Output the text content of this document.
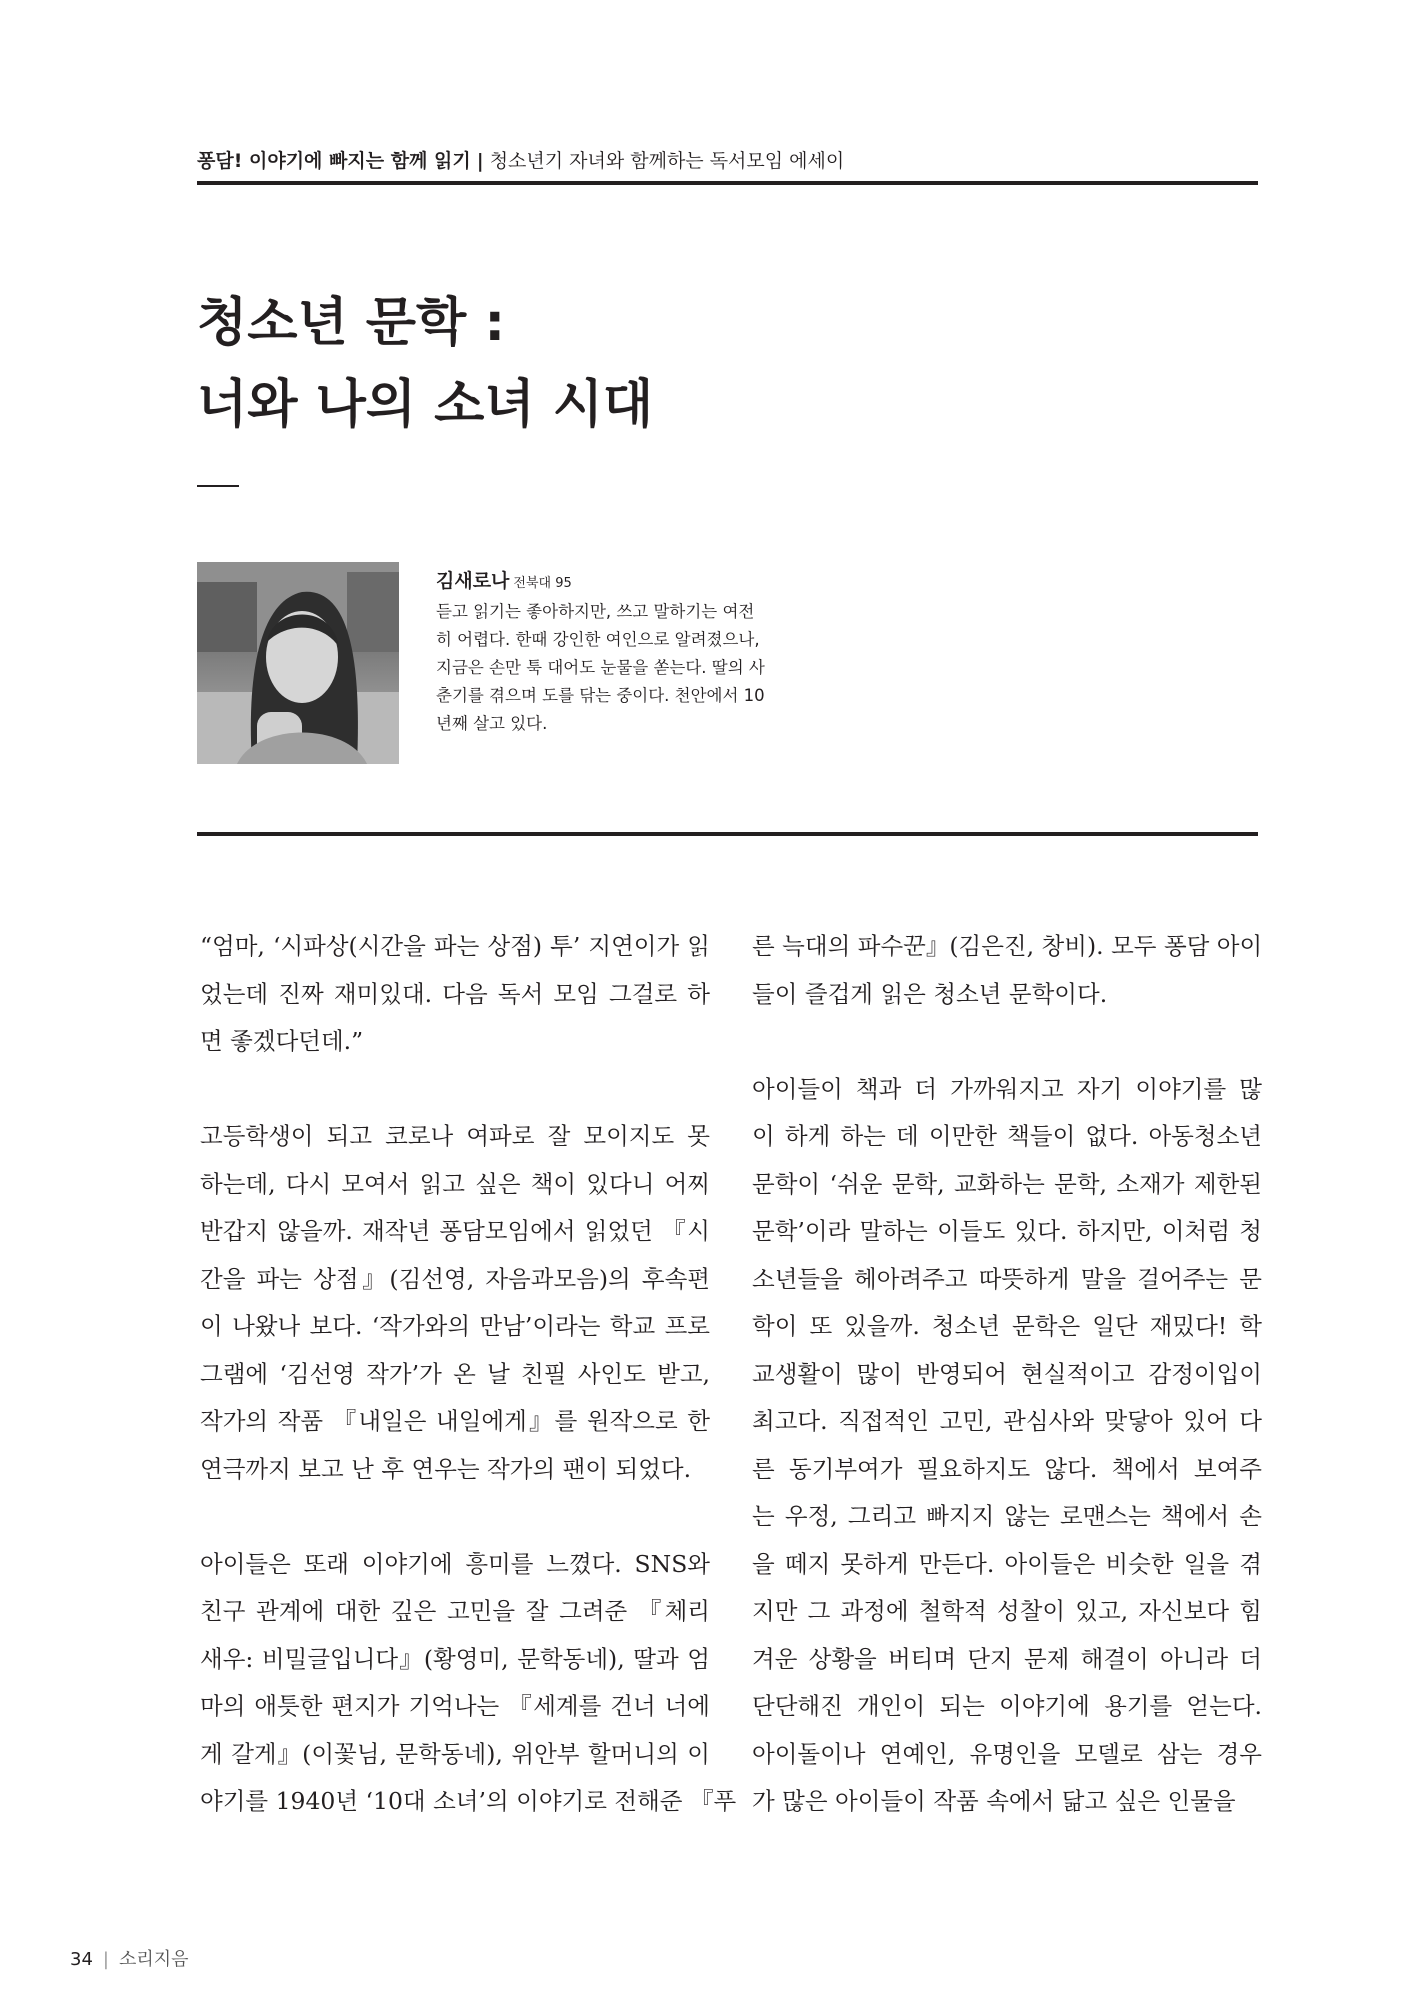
퐁담! 이야기에 빠지는 함께 읽기 | 청소년기 자녀와 함께하는 독서모임 에세이
청소년 문학 :
너와 나의 소녀 시대
김새로나 전북대 95
듣고 읽기는 좋아하지만, 쓰고 말하기는 여전
히 어렵다. 한때 강인한 여인으로 알려졌으나,
지금은 손만 툭 대어도 눈물을 쏟는다. 딸의 사
춘기를 겪으며 도를 닦는 중이다. 천안에서 10
년째 살고 있다.
“엄마, ‘시파상(시간을 파는 상점) 투’ 지연이가 읽
었는데 진짜 재미있대. 다음 독서 모임 그걸로 하
면 좋겠다던데.”
고등학생이 되고 코로나 여파로 잘 모이지도 못
하는데, 다시 모여서 읽고 싶은 책이 있다니 어찌
반갑지 않을까. 재작년 퐁담모임에서 읽었던 『시
간을 파는 상점』(김선영, 자음과모음)의 후속편
이 나왔나 보다. ‘작가와의 만남’이라는 학교 프로
그램에 ‘김선영 작가’가 온 날 친필 사인도 받고,
작가의 작품 『내일은 내일에게』를 원작으로 한
연극까지 보고 난 후 연우는 작가의 팬이 되었다.
아이들은 또래 이야기에 흥미를 느꼈다. SNS와
친구 관계에 대한 깊은 고민을 잘 그려준 『체리
새우: 비밀글입니다』(황영미, 문학동네), 딸과 엄
마의 애틋한 편지가 기억나는 『세계를 건너 너에
게 갈게』(이꽃님, 문학동네), 위안부 할머니의 이
야기를 1940년 ‘10대 소녀’의 이야기로 전해준 『푸
른 늑대의 파수꾼』(김은진, 창비). 모두 퐁담 아이
들이 즐겁게 읽은 청소년 문학이다.
아이들이 책과 더 가까워지고 자기 이야기를 많
이 하게 하는 데 이만한 책들이 없다. 아동청소년
문학이 ‘쉬운 문학, 교화하는 문학, 소재가 제한된
문학’이라 말하는 이들도 있다. 하지만, 이처럼 청
소년들을 헤아려주고 따뜻하게 말을 걸어주는 문
학이 또 있을까. 청소년 문학은 일단 재밌다! 학
교생활이 많이 반영되어 현실적이고 감정이입이
최고다. 직접적인 고민, 관심사와 맞닿아 있어 다
른 동기부여가 필요하지도 않다. 책에서 보여주
는 우정, 그리고 빠지지 않는 로맨스는 책에서 손
을 떼지 못하게 만든다. 아이들은 비슷한 일을 겪
지만 그 과정에 철학적 성찰이 있고, 자신보다 힘
겨운 상황을 버티며 단지 문제 해결이 아니라 더
단단해진 개인이 되는 이야기에 용기를 얻는다.
아이돌이나 연예인, 유명인을 모델로 삼는 경우
가 많은 아이들이 작품 속에서 닮고 싶은 인물을
34 | 소리지음
